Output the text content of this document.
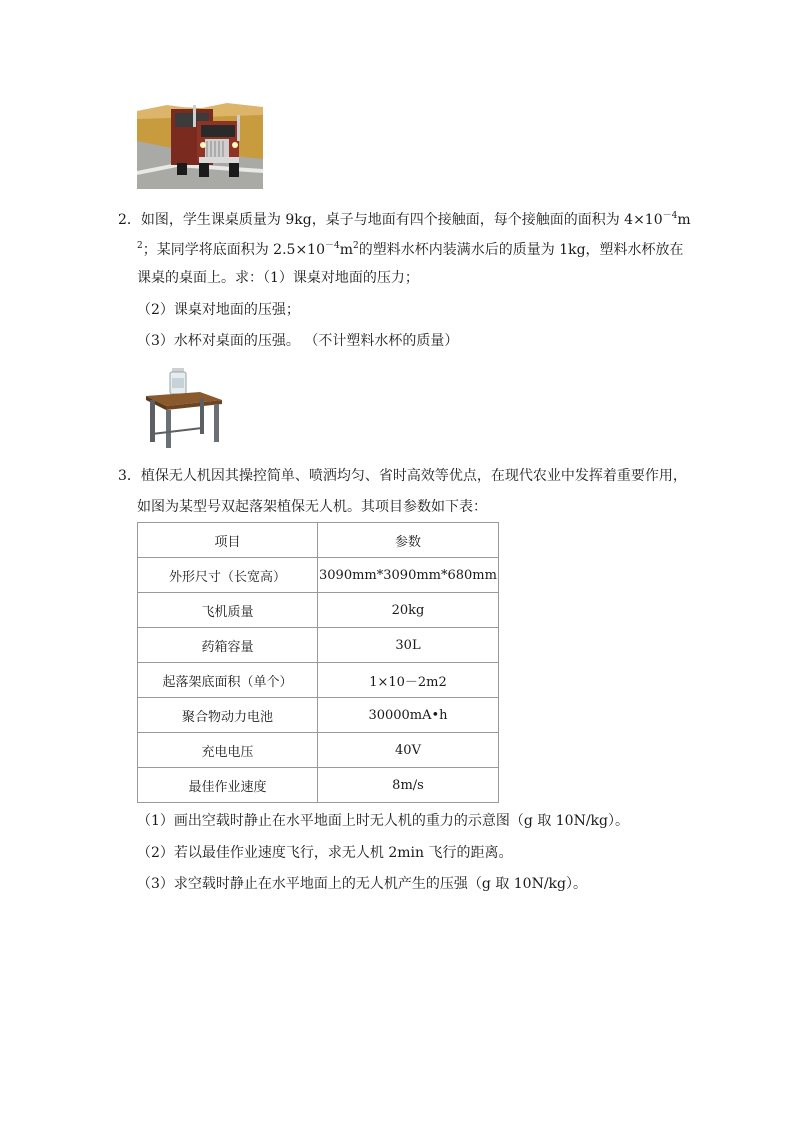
2．如图，学生课桌质量为 9kg，桌子与地面有四个接触面，每个接触面的面积为 $4\times 10^{-4}m$
$^2$；某同学将底面积为 $2.5\times 10^{-4}m^2$的塑料水杯内装满水后的质量为 1kg，塑料水杯放在
课桌的桌面上。求：（1）课桌对地面的压力；
（2）课桌对地面的压强；
（3）水杯对桌面的压强。 （不计塑料水杯的质量）
3．植保无人机因其操控简单、喷洒均匀、省时高效等优点，在现代农业中发挥着重要作用，
如图为某型号双起落架植保无人机。其项目参数如下表：
项目	参数
外形尺寸（长宽高）	3090mm*3090mm*680mm
飞机质量	20kg
药箱容量	30L
起落架底面积（单个）	1×10－2m2
聚合物动力电池	30000mA•h
充电电压	40V
最佳作业速度	8m/s
（1）画出空载时静止在水平地面上时无人机的重力的示意图（g 取 10N/kg）。
（2）若以最佳作业速度飞行，求无人机 2min 飞行的距离。
（3）求空载时静止在水平地面上的无人机产生的压强（g 取 10N/kg）。
